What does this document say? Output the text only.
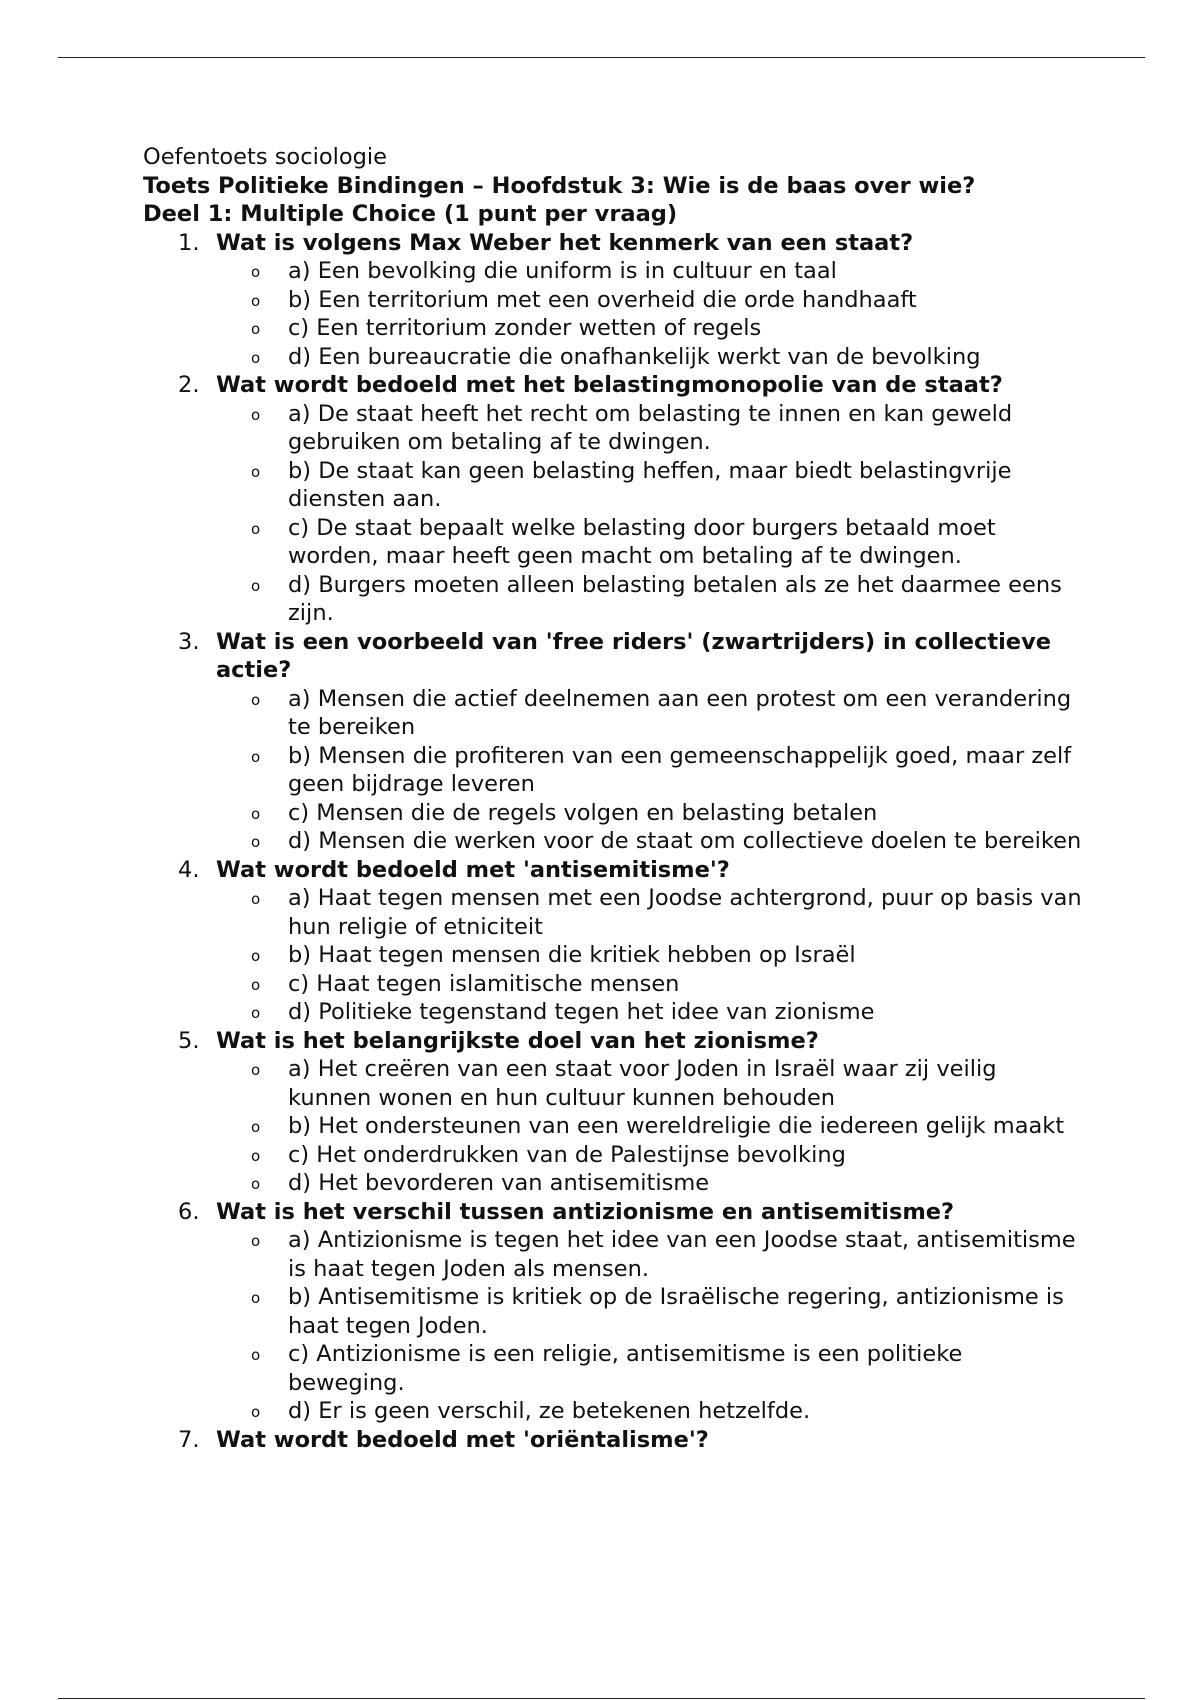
Oefentoets sociologie
Toets Politieke Bindingen – Hoofdstuk 3: Wie is de baas over wie?
Deel 1: Multiple Choice (1 punt per vraag)
1. Wat is volgens Max Weber het kenmerk van een staat?
o a) Een bevolking die uniform is in cultuur en taal
o b) Een territorium met een overheid die orde handhaaft
o c) Een territorium zonder wetten of regels
o d) Een bureaucratie die onafhankelijk werkt van de bevolking
2. Wat wordt bedoeld met het belastingmonopolie van de staat?
o a) De staat heeft het recht om belasting te innen en kan geweld gebruiken om betaling af te dwingen.
o b) De staat kan geen belasting heffen, maar biedt belastingvrije diensten aan.
o c) De staat bepaalt welke belasting door burgers betaald moet worden, maar heeft geen macht om betaling af te dwingen.
o d) Burgers moeten alleen belasting betalen als ze het daarmee eens zijn.
3. Wat is een voorbeeld van 'free riders' (zwartrijders) in collectieve actie?
o a) Mensen die actief deelnemen aan een protest om een verandering te bereiken
o b) Mensen die profiteren van een gemeenschappelijk goed, maar zelf geen bijdrage leveren
o c) Mensen die de regels volgen en belasting betalen
o d) Mensen die werken voor de staat om collectieve doelen te bereiken
4. Wat wordt bedoeld met 'antisemitisme'?
o a) Haat tegen mensen met een Joodse achtergrond, puur op basis van hun religie of etniciteit
o b) Haat tegen mensen die kritiek hebben op Israël
o c) Haat tegen islamitische mensen
o d) Politieke tegenstand tegen het idee van zionisme
5. Wat is het belangrijkste doel van het zionisme?
o a) Het creëren van een staat voor Joden in Israël waar zij veilig kunnen wonen en hun cultuur kunnen behouden
o b) Het ondersteunen van een wereldreligie die iedereen gelijk maakt
o c) Het onderdrukken van de Palestijnse bevolking
o d) Het bevorderen van antisemitisme
6. Wat is het verschil tussen antizionisme en antisemitisme?
o a) Antizionisme is tegen het idee van een Joodse staat, antisemitisme is haat tegen Joden als mensen.
o b) Antisemitisme is kritiek op de Israëlische regering, antizionisme is haat tegen Joden.
o c) Antizionisme is een religie, antisemitisme is een politieke beweging.
o d) Er is geen verschil, ze betekenen hetzelfde.
7. Wat wordt bedoeld met 'oriëntalisme'?
